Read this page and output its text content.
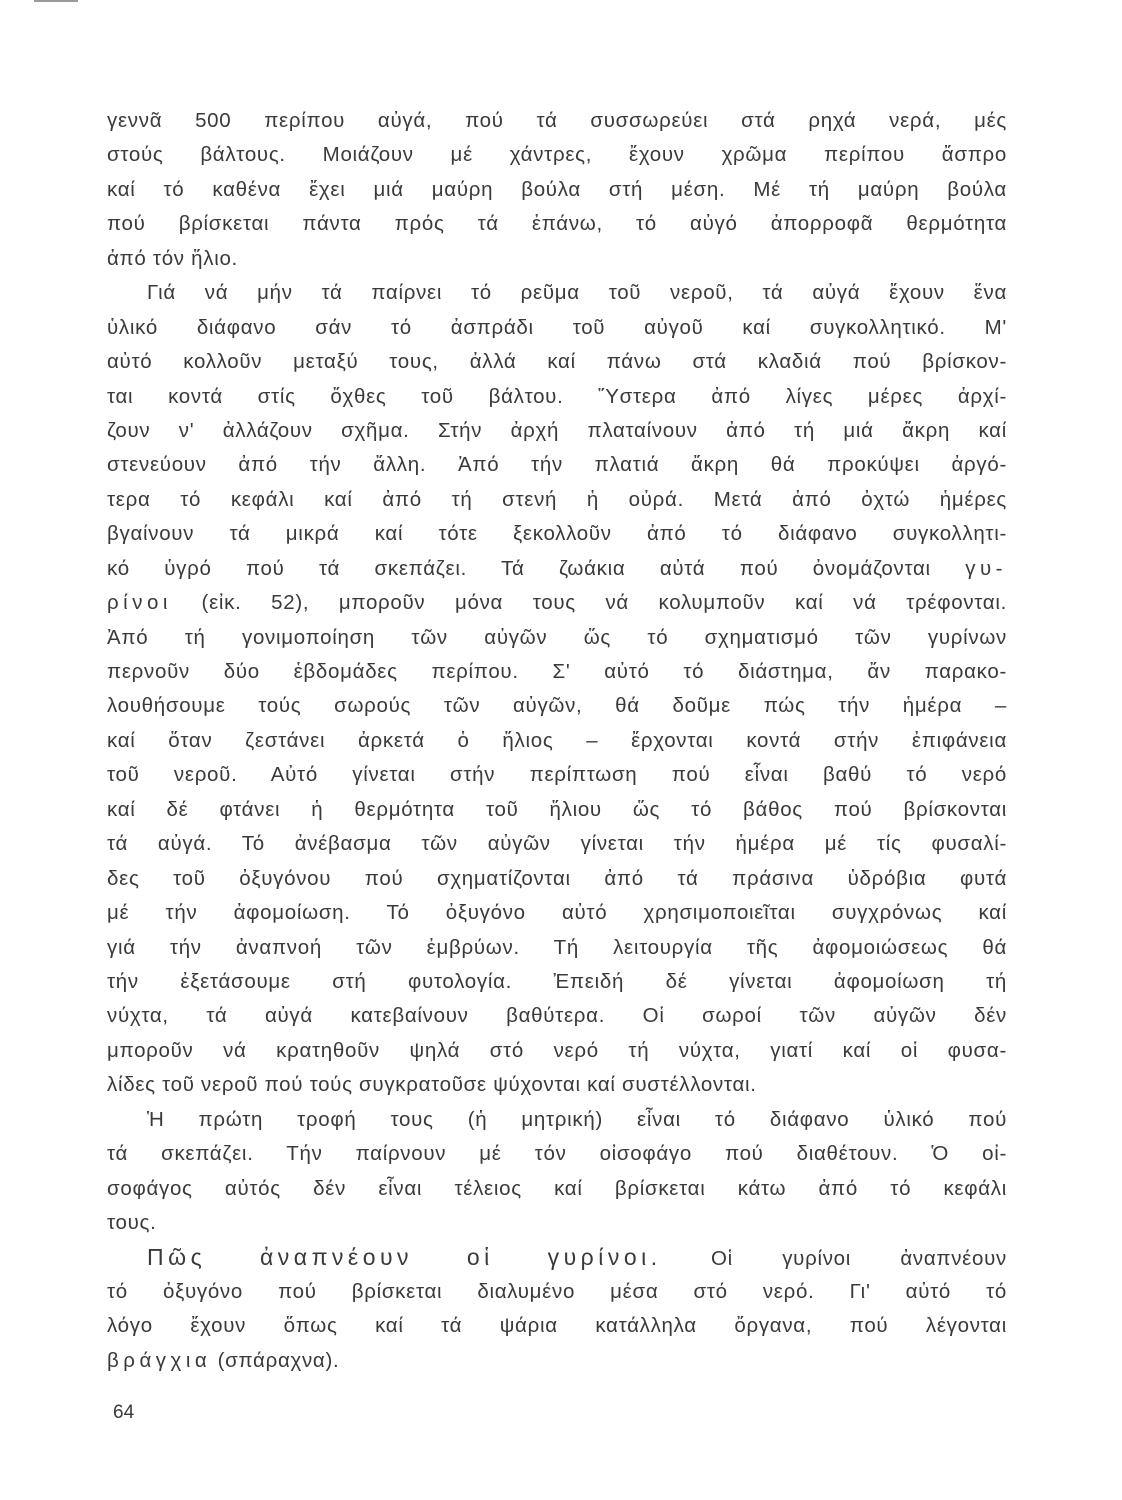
γεννᾶ 500 περίπου αὐγά, πού τά συσσωρεύει στά ρηχά νερά, μές
στούς βάλτους. Μοιάζουν μέ χάντρες, ἔχουν χρῶμα περίπου ἄσπρο
καί τό καθένα ἔχει μιά μαύρη βούλα στή μέση. Μέ τή μαύρη βούλα
πού βρίσκεται πάντα πρός τά ἐπάνω, τό αὐγό ἀπορροφᾶ θερμότητα
ἀπό τόν ἥλιο.
Γιά νά μήν τά παίρνει τό ρεῦμα τοῦ νεροῦ, τά αὐγά ἔχουν ἕνα
ὑλικό διάφανο σάν τό ἀσπράδι τοῦ αὐγοῦ καί συγκολλητικό. Μ'
αὐτό κολλοῦν μεταξύ τους, ἀλλά καί πάνω στά κλαδιά πού βρίσκον-
ται κοντά στίς ὄχθες τοῦ βάλτου. Ὕστερα ἀπό λίγες μέρες ἀρχί-
ζουν ν' ἀλλάζουν σχῆμα. Στήν ἀρχή πλαταίνουν ἀπό τή μιά ἄκρη καί
στενεύουν ἀπό τήν ἄλλη. Ἀπό τήν πλατιά ἄκρη θά προκύψει ἀργό-
τερα τό κεφάλι καί ἀπό τή στενή ἡ οὐρά. Μετά ἀπό ὀχτώ ἡμέρες
βγαίνουν τά μικρά καί τότε ξεκολλοῦν ἀπό τό διάφανο συγκολλητι-
κό ὑγρό πού τά σκεπάζει. Τά ζωάκια αὐτά πού ὀνομάζονται γυ-
ρίνοι (εἰκ. 52), μποροῦν μόνα τους νά κολυμποῦν καί νά τρέφονται.
Ἀπό τή γονιμοποίηση τῶν αὐγῶν ὥς τό σχηματισμό τῶν γυρίνων
περνοῦν δύο ἑβδομάδες περίπου. Σ' αὐτό τό διάστημα, ἄν παρακο-
λουθήσουμε τούς σωρούς τῶν αὐγῶν, θά δοῦμε πώς τήν ἡμέρα –
καί ὅταν ζεστάνει ἀρκετά ὁ ἥλιος – ἔρχονται κοντά στήν ἐπιφάνεια
τοῦ νεροῦ. Αὐτό γίνεται στήν περίπτωση πού εἶναι βαθύ τό νερό
καί δέ φτάνει ἡ θερμότητα τοῦ ἥλιου ὥς τό βάθος πού βρίσκονται
τά αὐγά. Τό ἀνέβασμα τῶν αὐγῶν γίνεται τήν ἡμέρα μέ τίς φυσαλί-
δες τοῦ ὀξυγόνου πού σχηματίζονται ἀπό τά πράσινα ὑδρόβια φυτά
μέ τήν ἀφομοίωση. Τό ὀξυγόνο αὐτό χρησιμοποιεῖται συγχρόνως καί
γιά τήν ἀναπνοή τῶν ἐμβρύων. Τή λειτουργία τῆς ἀφομοιώσεως θά
τήν ἐξετάσουμε στή φυτολογία. Ἐπειδή δέ γίνεται ἀφομοίωση τή
νύχτα, τά αὐγά κατεβαίνουν βαθύτερα. Οἱ σωροί τῶν αὐγῶν δέν
μποροῦν νά κρατηθοῦν ψηλά στό νερό τή νύχτα, γιατί καί οἱ φυσα-
λίδες τοῦ νεροῦ πού τούς συγκρατοῦσε ψύχονται καί συστέλλονται.
Ἡ πρώτη τροφή τους (ἡ μητρική) εἶναι τό διάφανο ὑλικό πού
τά σκεπάζει. Τήν παίρνουν μέ τόν οἰσοφάγο πού διαθέτουν. Ὁ οἰ-
σοφάγος αὐτός δέν εἶναι τέλειος καί βρίσκεται κάτω ἀπό τό κεφάλι
τους.
Πῶς ἀναπνέουν οἱ γυρίνοι. Οἱ γυρίνοι ἀναπνέουν
τό ὀξυγόνο πού βρίσκεται διαλυμένο μέσα στό νερό. Γι' αὐτό τό
λόγο ἔχουν ὅπως καί τά ψάρια κατάλληλα ὄργανα, πού λέγονται
βράγχια (σπάραχνα).
64
